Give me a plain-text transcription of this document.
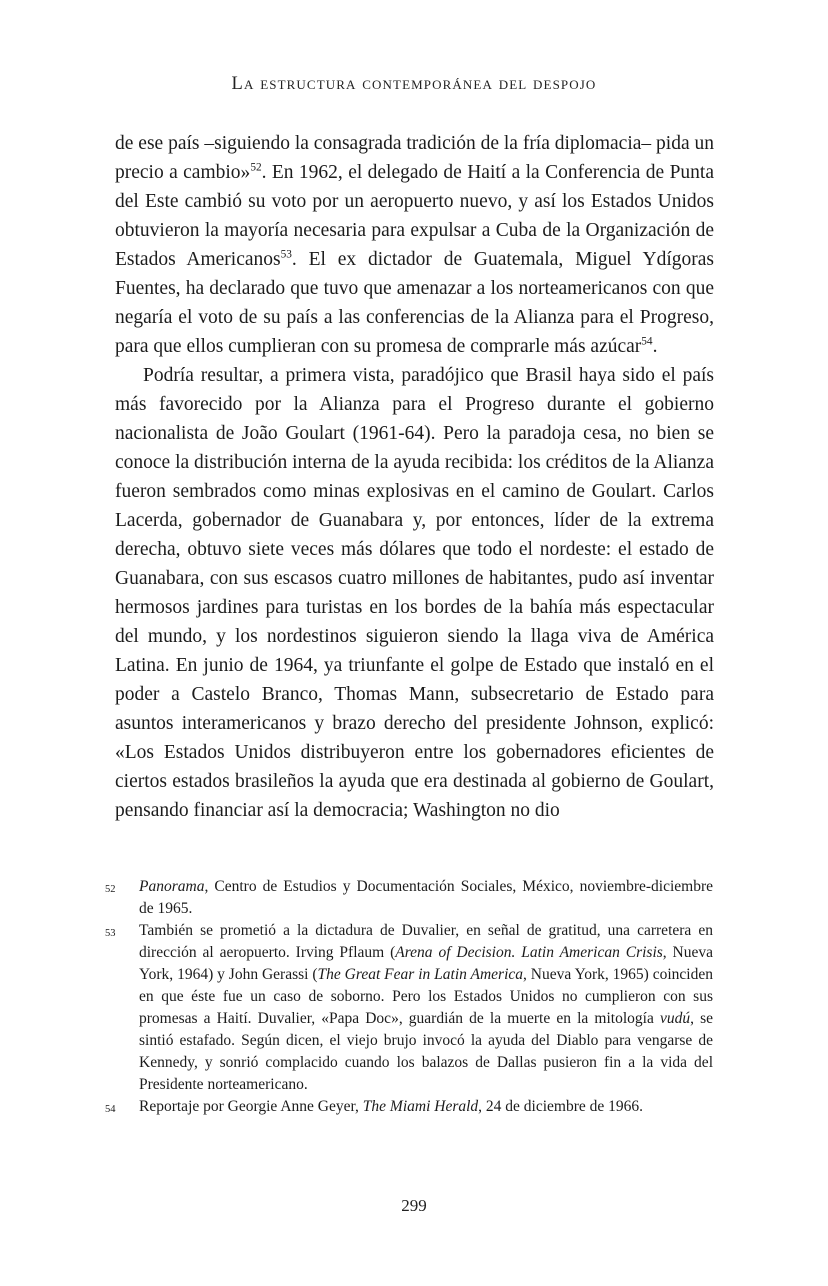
La estructura contemporánea del despojo

de ese país –siguiendo la consagrada tradición de la fría diplomacia– pida un precio a cambio»$^{52}$. En 1962, el delegado de Haití a la Conferencia de Punta del Este cambió su voto por un aeropuerto nuevo, y así los Estados Unidos obtuvieron la mayoría necesaria para expulsar a Cuba de la Organización de Estados Americanos$^{53}$. El ex dictador de Guatemala, Miguel Ydígoras Fuentes, ha declarado que tuvo que amenazar a los norteamericanos con que negaría el voto de su país a las conferencias de la Alianza para el Progreso, para que ellos cumplieran con su promesa de comprarle más azúcar$^{54}$.

Podría resultar, a primera vista, paradójico que Brasil haya sido el país más favorecido por la Alianza para el Progreso durante el gobierno nacionalista de João Goulart (1961-64). Pero la paradoja cesa, no bien se conoce la distribución interna de la ayuda recibida: los créditos de la Alianza fueron sembrados como minas explosivas en el camino de Goulart. Carlos Lacerda, gobernador de Guanabara y, por entonces, líder de la extrema derecha, obtuvo siete veces más dólares que todo el nordeste: el estado de Guanabara, con sus escasos cuatro millones de habitantes, pudo así inventar hermosos jardines para turistas en los bordes de la bahía más espectacular del mundo, y los nordestinos siguieron siendo la llaga viva de América Latina. En junio de 1964, ya triunfante el golpe de Estado que instaló en el poder a Castelo Branco, Thomas Mann, subsecretario de Estado para asuntos interamericanos y brazo derecho del presidente Johnson, explicó: «Los Estados Unidos distribuyeron entre los gobernadores eficientes de ciertos estados brasileños la ayuda que era destinada al gobierno de Goulart, pensando financiar así la democracia; Washington no dio

52	Panorama, Centro de Estudios y Documentación Sociales, México, noviembre-diciembre de 1965.
53	También se prometió a la dictadura de Duvalier, en señal de gratitud, una carretera en dirección al aeropuerto. Irving Pflaum (Arena of Decision. Latin American Crisis, Nueva York, 1964) y John Gerassi (The Great Fear in Latin America, Nueva York, 1965) coinciden en que éste fue un caso de soborno. Pero los Estados Unidos no cumplieron con sus promesas a Haití. Duvalier, «Papa Doc», guardián de la muerte en la mitología vudú, se sintió estafado. Según dicen, el viejo brujo invocó la ayuda del Diablo para vengarse de Kennedy, y sonrió complacido cuando los balazos de Dallas pusieron fin a la vida del Presidente norteamericano.
54	Reportaje por Georgie Anne Geyer, The Miami Herald, 24 de diciembre de 1966.
299
